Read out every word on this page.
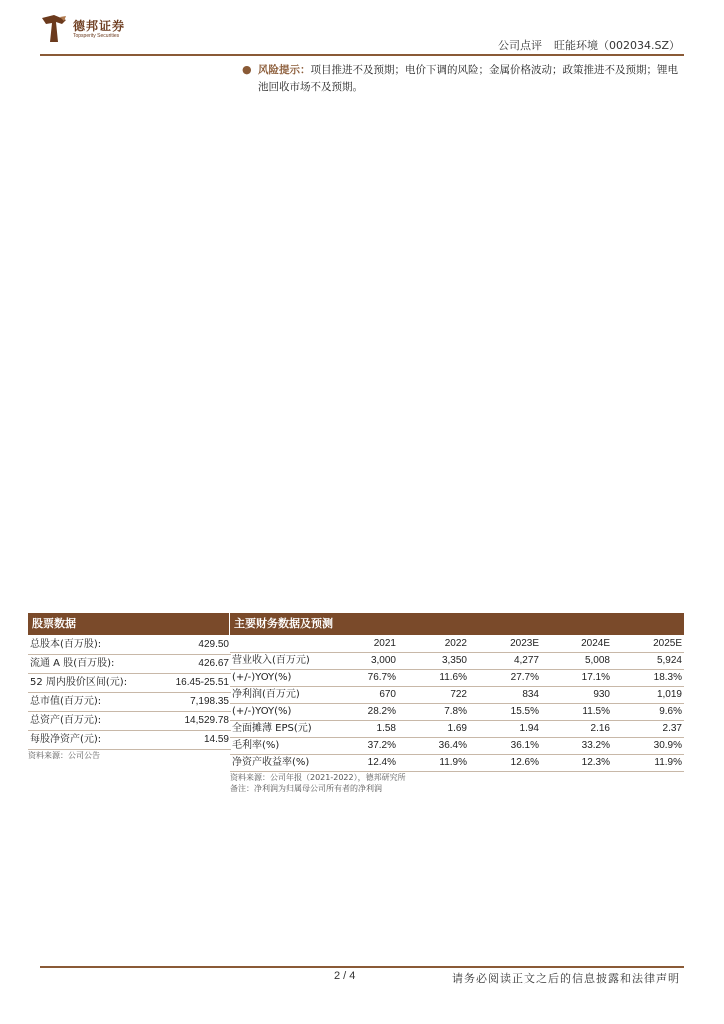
德邦证券
Topsperity Securities
公司点评 旺能环境（002034.SZ）
● 风险提示：项目推进不及预期；电价下调的风险；金属价格波动；政策推进不及预期；锂电池回收市场不及预期。
股票数据	主要财务数据及预测
总股本(百万股):	429.50
流通 A 股(百万股):	426.67
52 周内股价区间(元):	16.45-25.51
总市值(百万元):	7,198.35
总资产(百万元):	14,529.78
每股净资产(元):	14.59
资料来源：公司公告
2021	2022	2023E	2024E	2025E
营业收入(百万元)	3,000	3,350	4,277	5,008	5,924
(+/-)YOY(%)	76.7%	11.6%	27.7%	17.1%	18.3%
净利润(百万元)	670	722	834	930	1,019
(+/-)YOY(%)	28.2%	7.8%	15.5%	11.5%	9.6%
全面摊薄 EPS(元)	1.58	1.69	1.94	2.16	2.37
毛利率(%)	37.2%	36.4%	36.1%	33.2%	30.9%
净资产收益率(%)	12.4%	11.9%	12.6%	12.3%	11.9%
资料来源：公司年报（2021-2022），德邦研究所
备注：净利润为归属母公司所有者的净利润
2 / 4	请务必阅读正文之后的信息披露和法律声明
